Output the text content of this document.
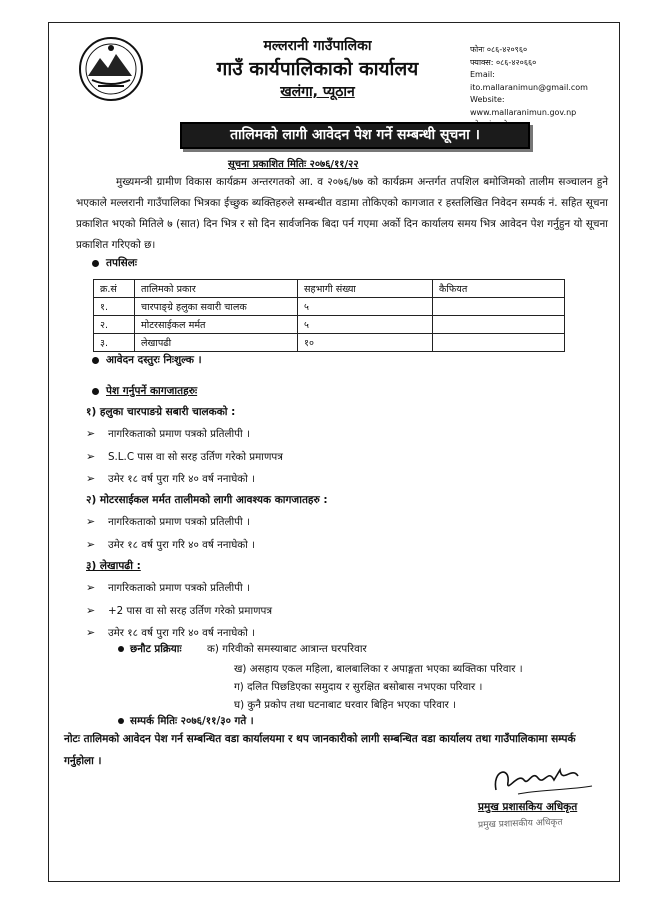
मल्लरानी गाउँपालिका
गाउँ कार्यपालिकाको कार्यालय
खलंगा, प्यूठान
फोनः ०८६-४२०९६०
फ्याक्स: ०८६-४२०६६०
Email: ito.mallaranimun@gmail.com
Website: www.mallaranimun.gov.np
तालिमको लागी आवेदन पेश गर्ने सम्बन्धी सूचना ।
सूचना प्रकाशित मितिः २०७६/११/२२
मुख्यमन्त्री ग्रामीण विकास कार्यक्रम अन्तरगतको आ. व २०७६/७७ को कार्यक्रम अन्तर्गत तपशिल बमोजिमको तालीम सञ्चालन हुने भएकाले मल्लरानी गाउँपालिका भित्रका ईच्छुक ब्यक्तिहरुले सम्बन्धीत वडामा तोकिएको कागजात र हस्तलिखित निवेदन सम्पर्क नं. सहित सूचना प्रकाशित भएको मितिले ७ (सात) दिन भित्र र सो दिन सार्वजनिक बिदा पर्न गएमा अर्को दिन कार्यालय समय भित्र आवेदन पेश गर्नुहुन यो सूचना प्रकाशित गरिएको छ।
तपसिलः
क्र.सं	तालिमको प्रकार	सहभागी संख्या	कैफियत
१.	चारपाङ्ग्रे हलुका सवारी चालक	५	
२.	मोटरसाईकल मर्मत	५	
३.	लेखापढी	१०	
आवेदन दस्तुरः निःशुल्क ।
पेश गर्नुपर्ने कागजातहरुः
१) हलुका चारपाङग्रे सबारी चालकको :
➢ नागरिकताको प्रमाण पत्रको प्रतिलीपी ।
➢ S.L.C पास वा सो सरह उर्तिण गरेको प्रमाणपत्र
➢ उमेर १८ वर्ष पुरा गरि ४० वर्ष ननाघेको ।
२) मोटरसाईकल मर्मत तालीमको लागी आवश्यक कागजातहरु :
➢ नागरिकताको प्रमाण पत्रको प्रतिलीपी ।
➢ उमेर १८ वर्ष पुरा गरि ४० वर्ष ननाघेको ।
३) लेखापढी :
➢ नागरिकताको प्रमाण पत्रको प्रतिलीपी ।
➢ +2 पास वा सो सरह उर्तिण गरेको प्रमाणपत्र
➢ उमेर १८ वर्ष पुरा गरि ४० वर्ष ननाघेको ।
छनौट प्रक्रियाः क) गरिवीको समस्याबाट आत्रान्त घरपरिवार
ख) असहाय एकल महिला, बालबालिका र अपाङ्गता भएका ब्यक्तिका परिवार ।
ग) दलित पिछडिएका समुदाय र सुरक्षित बसोबास नभएका परिवार ।
घ) कुनै प्रकोप तथा घटनाबाट घरवार बिहिन भएका परिवार ।
सम्पर्क मितिः २०७६/११/३० गते ।
नोटः तालिमको आवेदन पेश गर्न सम्बन्धित वडा कार्यालयमा र थप जानकारीको लागी सम्बन्धित वडा कार्यालय तथा गाउँपालिकामा सम्पर्क गर्नुहोला ।
प्रमुख प्रशासकिय अधिकृत
प्रमुख प्रशासकीय अधिकृत
